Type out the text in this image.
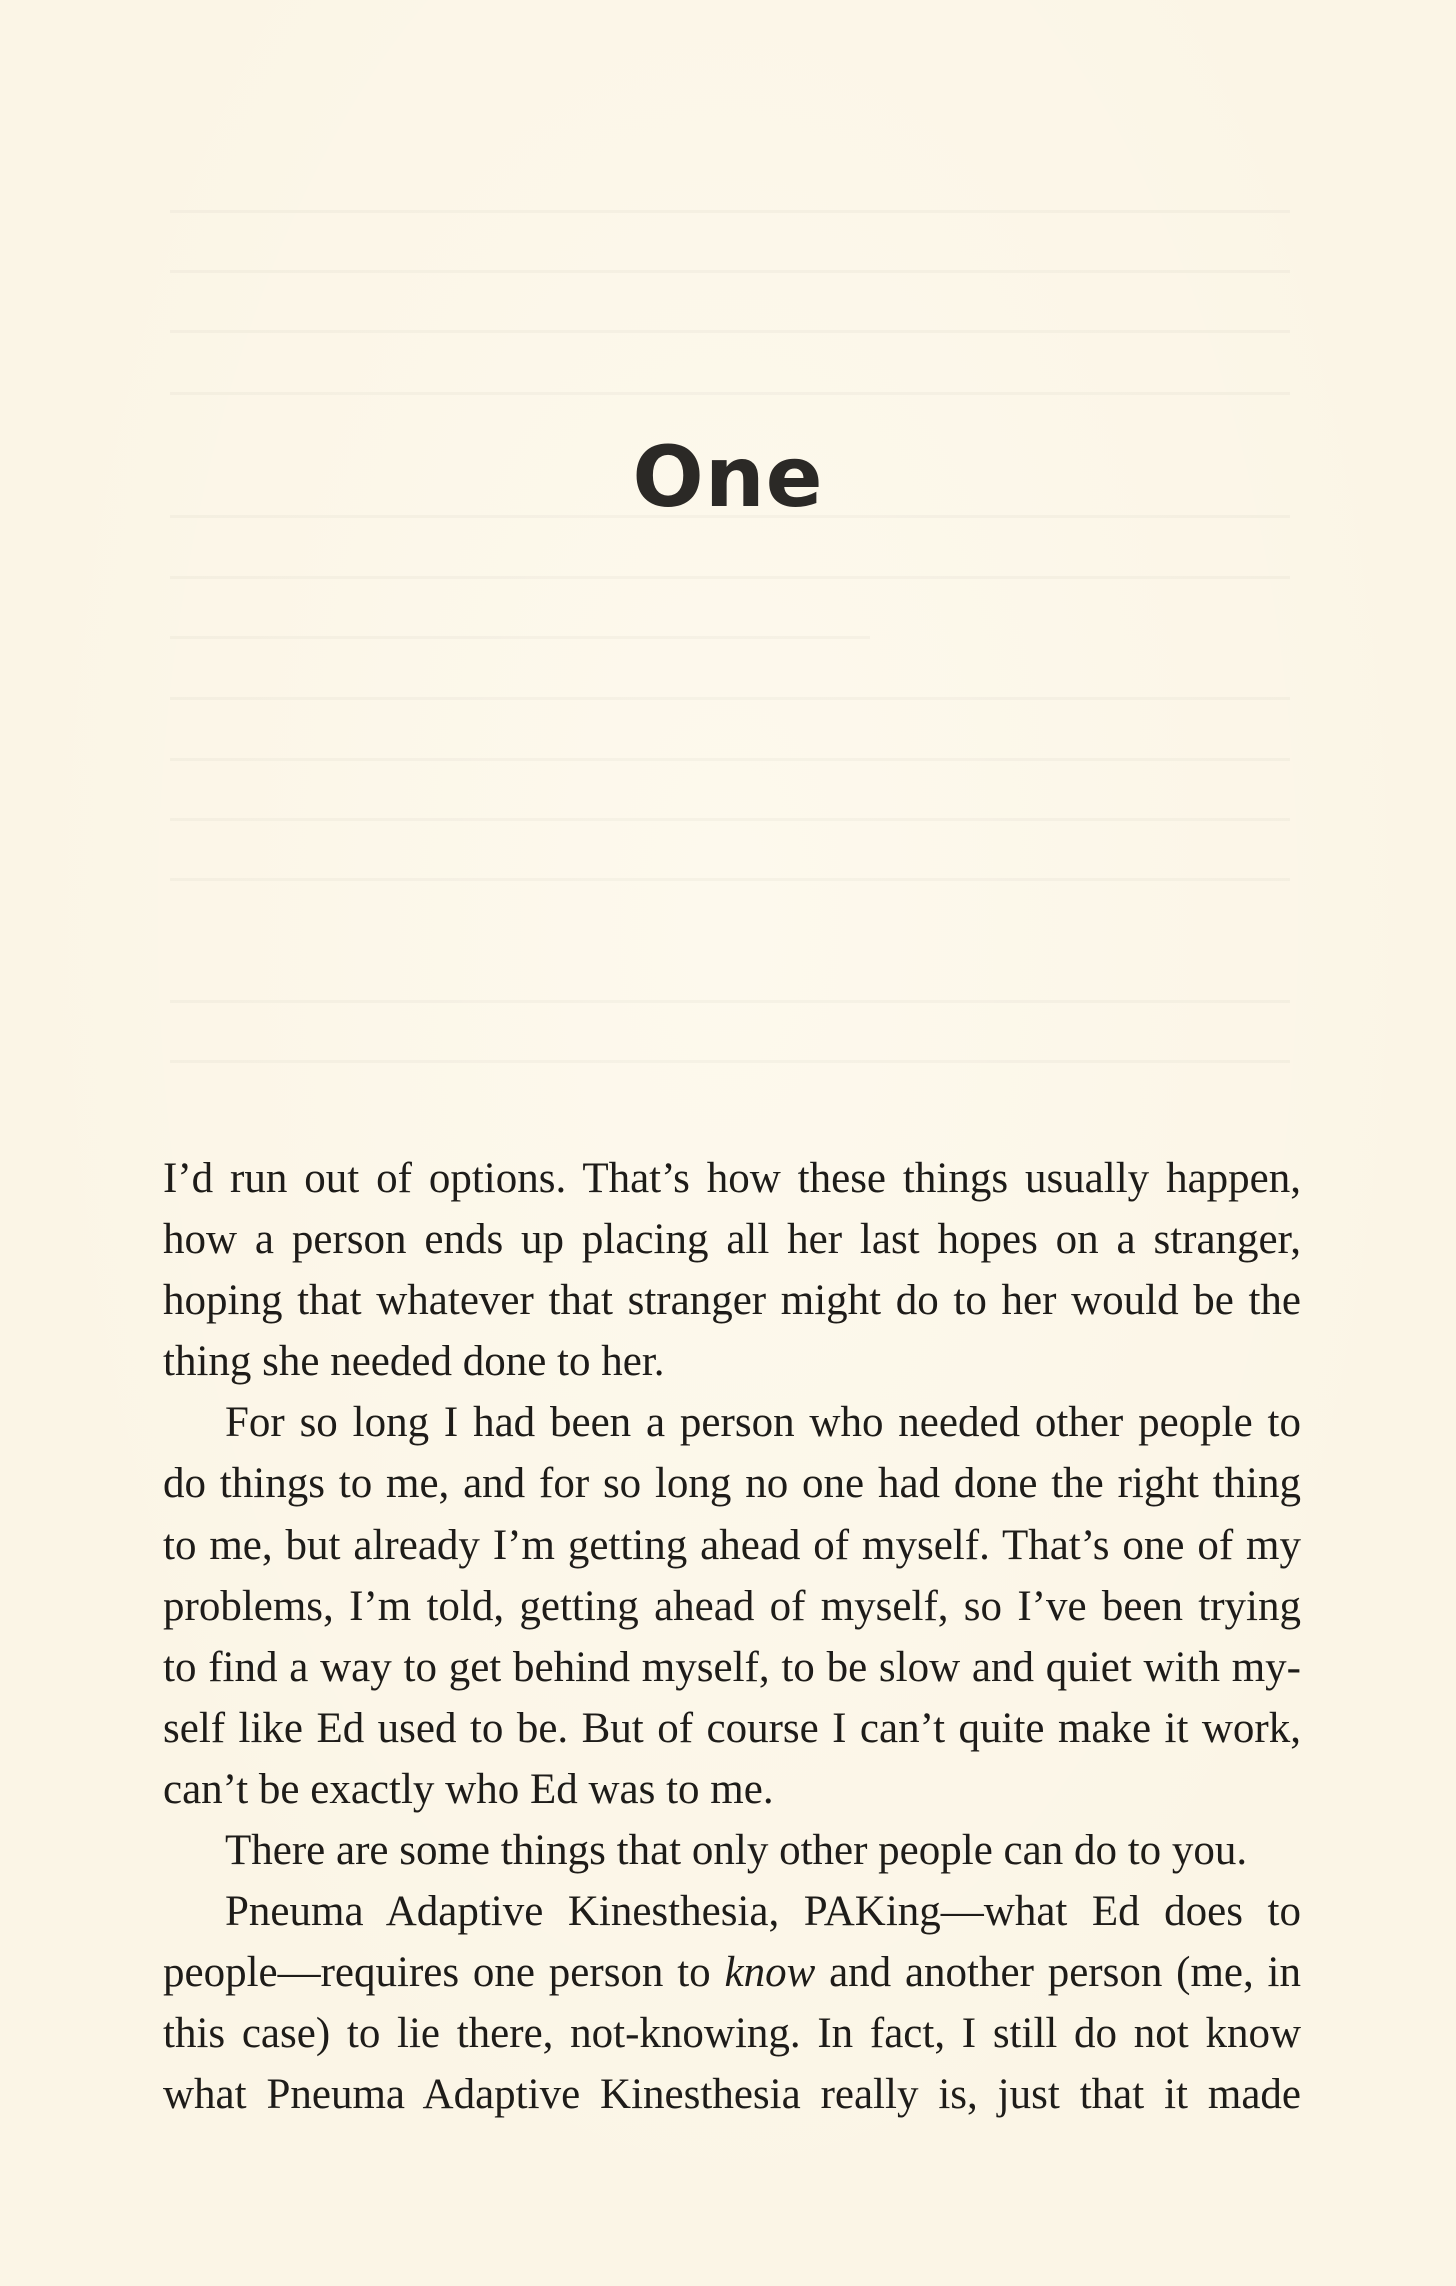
One

I’d run out of options. That’s how these things usually happen,
how a person ends up placing all her last hopes on a stranger,
hoping that whatever that stranger might do to her would be the
thing she needed done to her.

For so long I had been a person who needed other people to
do things to me, and for so long no one had done the right thing
to me, but already I’m getting ahead of myself. That’s one of my
problems, I’m told, getting ahead of myself, so I’ve been trying
to find a way to get behind myself, to be slow and quiet with my-
self like Ed used to be. But of course I can’t quite make it work,
can’t be exactly who Ed was to me.

There are some things that only other people can do to you.

Pneuma Adaptive Kinesthesia, PAKing—what Ed does to
people—requires one person to know and another person (me, in
this case) to lie there, not-knowing. In fact, I still do not know
what Pneuma Adaptive Kinesthesia really is, just that it made
